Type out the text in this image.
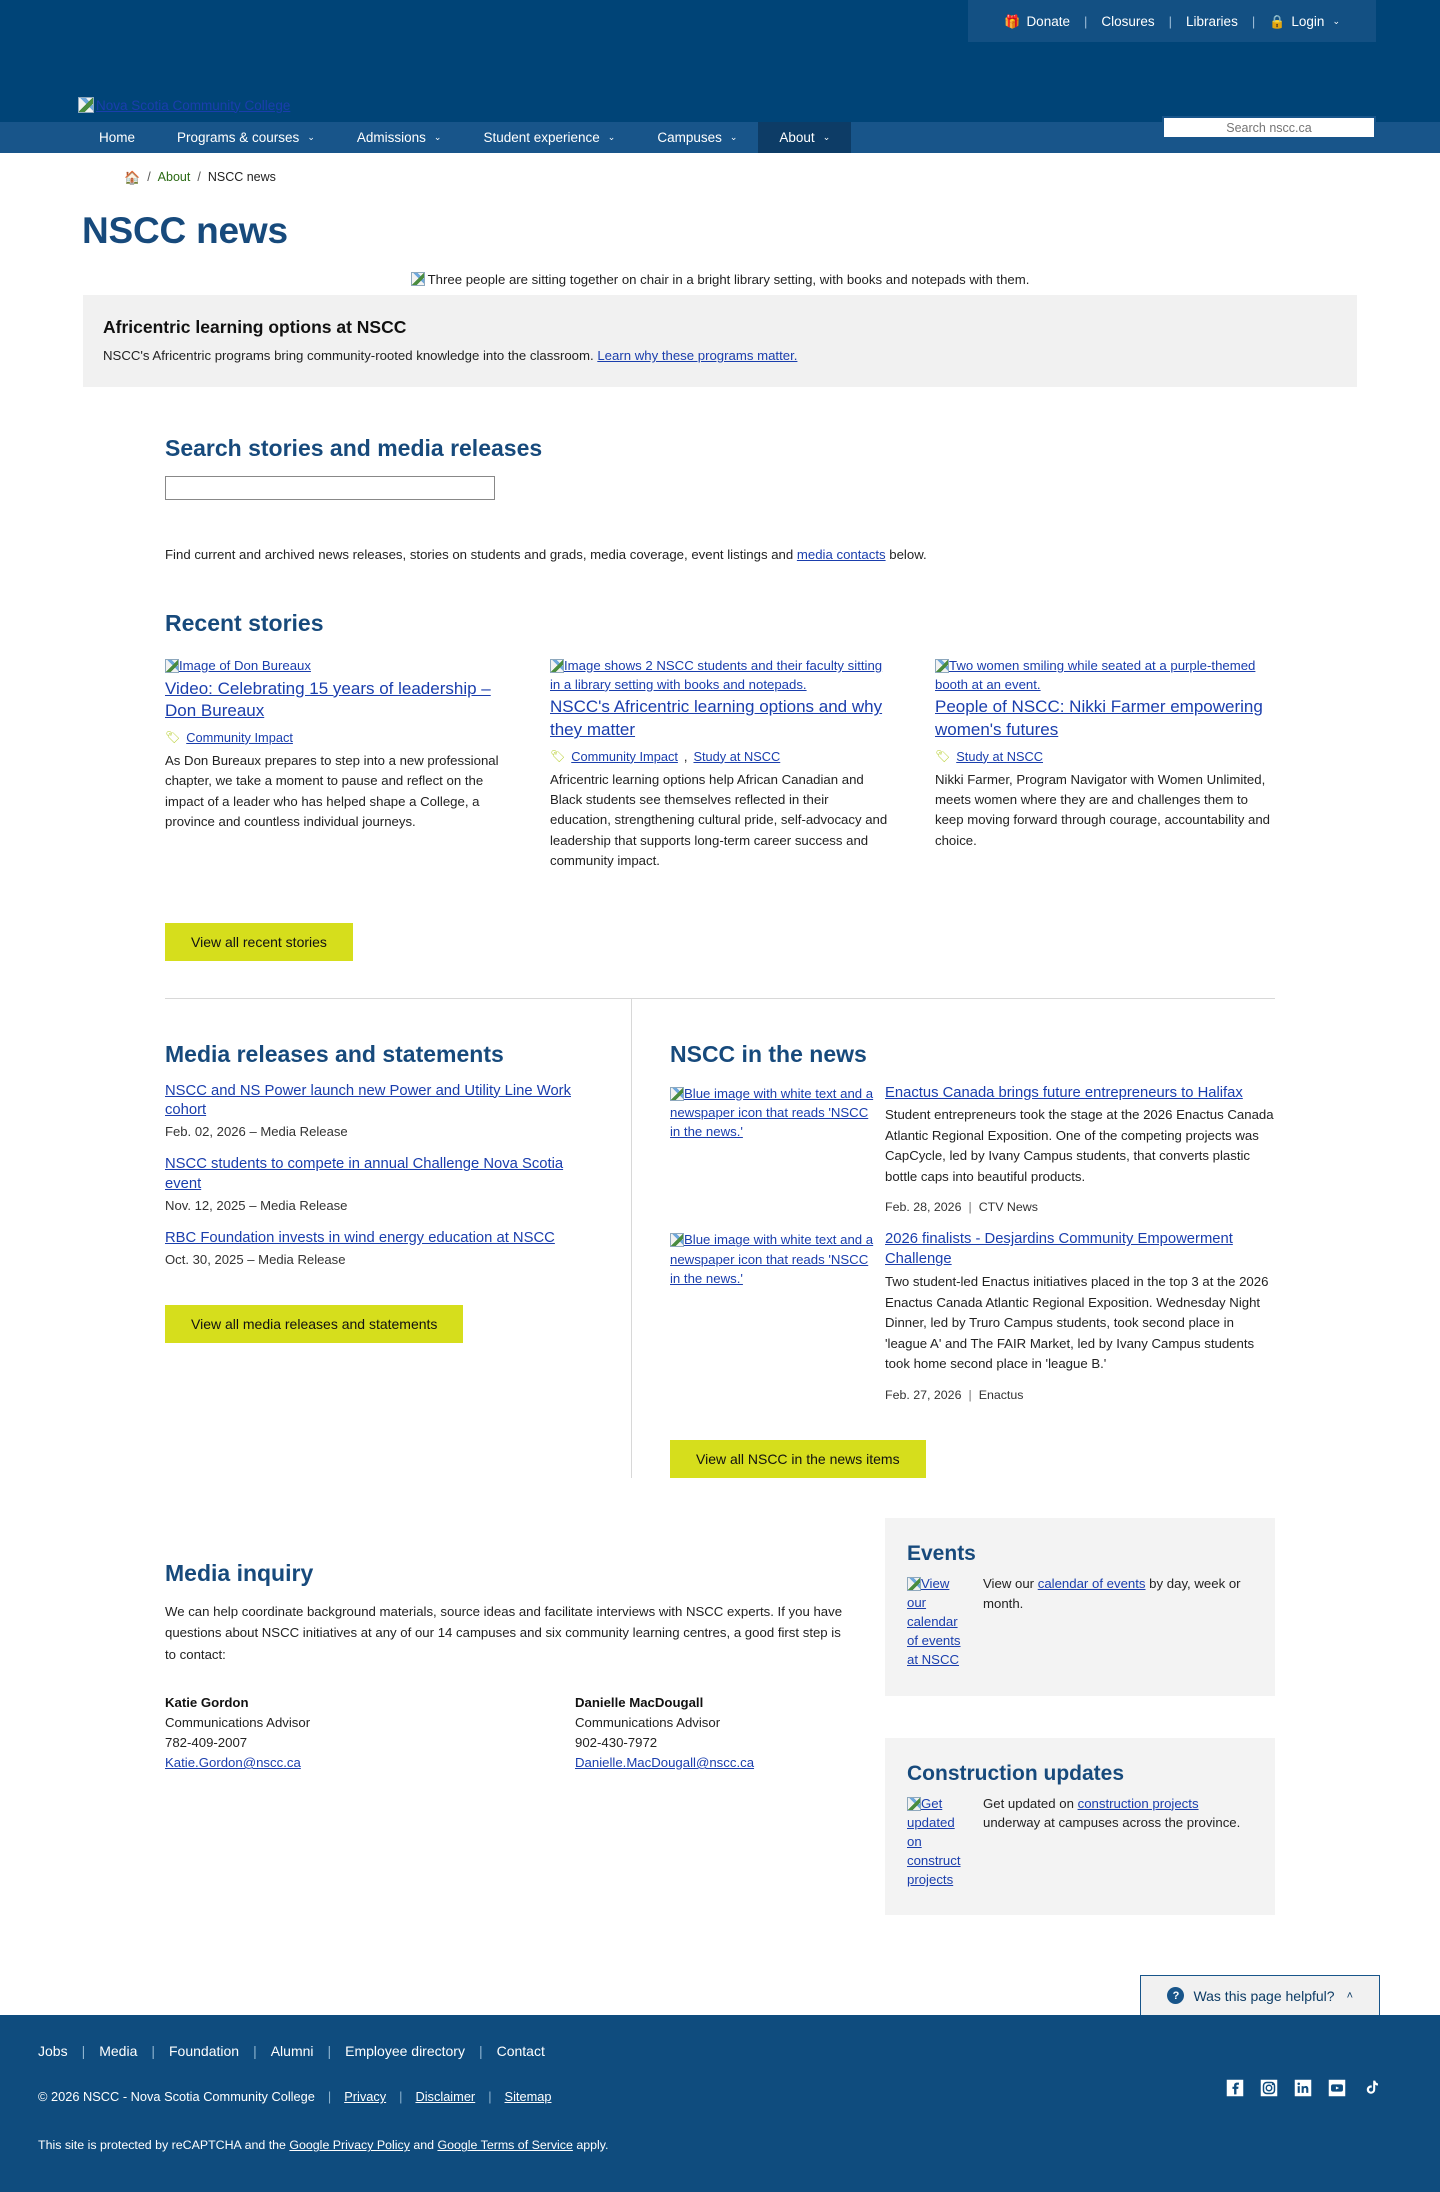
🎁 Donate | Closures | Libraries | 🔒 Login ⌄
Nova Scotia Community College
Search nscc.ca
Home	Programs & courses ⌄	Admissions ⌄	Student experience ⌄	Campuses ⌄	About ⌄
🏠 / About / NSCC news
NSCC news
Three people are sitting together on chair in a bright library setting, with books and notepads with them.
Africentric learning options at NSCC

NSCC's Africentric programs bring community-rooted knowledge into the classroom. Learn why these programs matter.

Search stories and media releases

Find current and archived news releases, stories on students and grads, media coverage, event listings and media contacts below.

Recent stories
Image of Don Bureaux
Video: Celebrating 15 years of leadership – Don Bureaux
🏷 Community Impact

As Don Bureaux prepares to step into a new professional chapter, we take a moment to pause and reflect on the impact of a leader who has helped shape a College, a province and countless individual journeys.

Image shows 2 NSCC students and their faculty sitting in a library setting with books and notepads.
NSCC's Africentric learning options and why they matter
🏷 Community Impact , Study at NSCC

Africentric learning options help African Canadian and Black students see themselves reflected in their education, strengthening cultural pride, self-advocacy and leadership that supports long-term career success and community impact.

Two women smiling while seated at a purple-themed booth at an event.
People of NSCC: Nikki Farmer empowering women's futures
🏷 Study at NSCC

Nikki Farmer, Program Navigator with Women Unlimited, meets women where they are and challenges them to keep moving forward through courage, accountability and choice.

View all recent stories
Media releases and statements
NSCC and NS Power launch new Power and Utility Line Work cohort
Feb. 02, 2026 – Media Release
NSCC students to compete in annual Challenge Nova Scotia event
Nov. 12, 2025 – Media Release
RBC Foundation invests in wind energy education at NSCC
Oct. 30, 2025 – Media Release
View all media releases and statements
NSCC in the news
Blue image with white text and a newspaper icon that reads 'NSCC in the news.'
Enactus Canada brings future entrepreneurs to Halifax

Student entrepreneurs took the stage at the 2026 Enactus Canada Atlantic Regional Exposition. One of the competing projects was CapCycle, led by Ivany Campus students, that converts plastic bottle caps into beautiful products.

Feb. 28, 2026 | CTV News
Blue image with white text and a newspaper icon that reads 'NSCC in the news.'
2026 finalists - Desjardins Community Empowerment Challenge

Two student-led Enactus initiatives placed in the top 3 at the 2026 Enactus Canada Atlantic Regional Exposition. Wednesday Night Dinner, led by Truro Campus students, took second place in 'league A' and The FAIR Market, led by Ivany Campus students took home second place in 'league B.'

Feb. 27, 2026 | Enactus
View all NSCC in the news items
Media inquiry

We can help coordinate background materials, source ideas and facilitate interviews with NSCC experts. If you have questions about NSCC initiatives at any of our 14 campuses and six community learning centres, a good first step is to contact:

Katie Gordon
Communications Advisor
782-409-2007
Katie.Gordon@nscc.ca
Danielle MacDougall
Communications Advisor
902-430-7972
Danielle.MacDougall@nscc.ca
Events
View our calendar of events at NSCC
View our calendar of events by day, week or month.
Construction updates
Get updated on construct projects
Get updated on construction projects underway at campuses across the province.
?	Was this page helpful? ˄
Jobs | Media | Foundation | Alumni | Employee directory | Contact
© 2026 NSCC - Nova Scotia Community College | Privacy | Disclaimer | Sitemap
This site is protected by reCAPTCHA and the Google Privacy Policy and Google Terms of Service apply.
